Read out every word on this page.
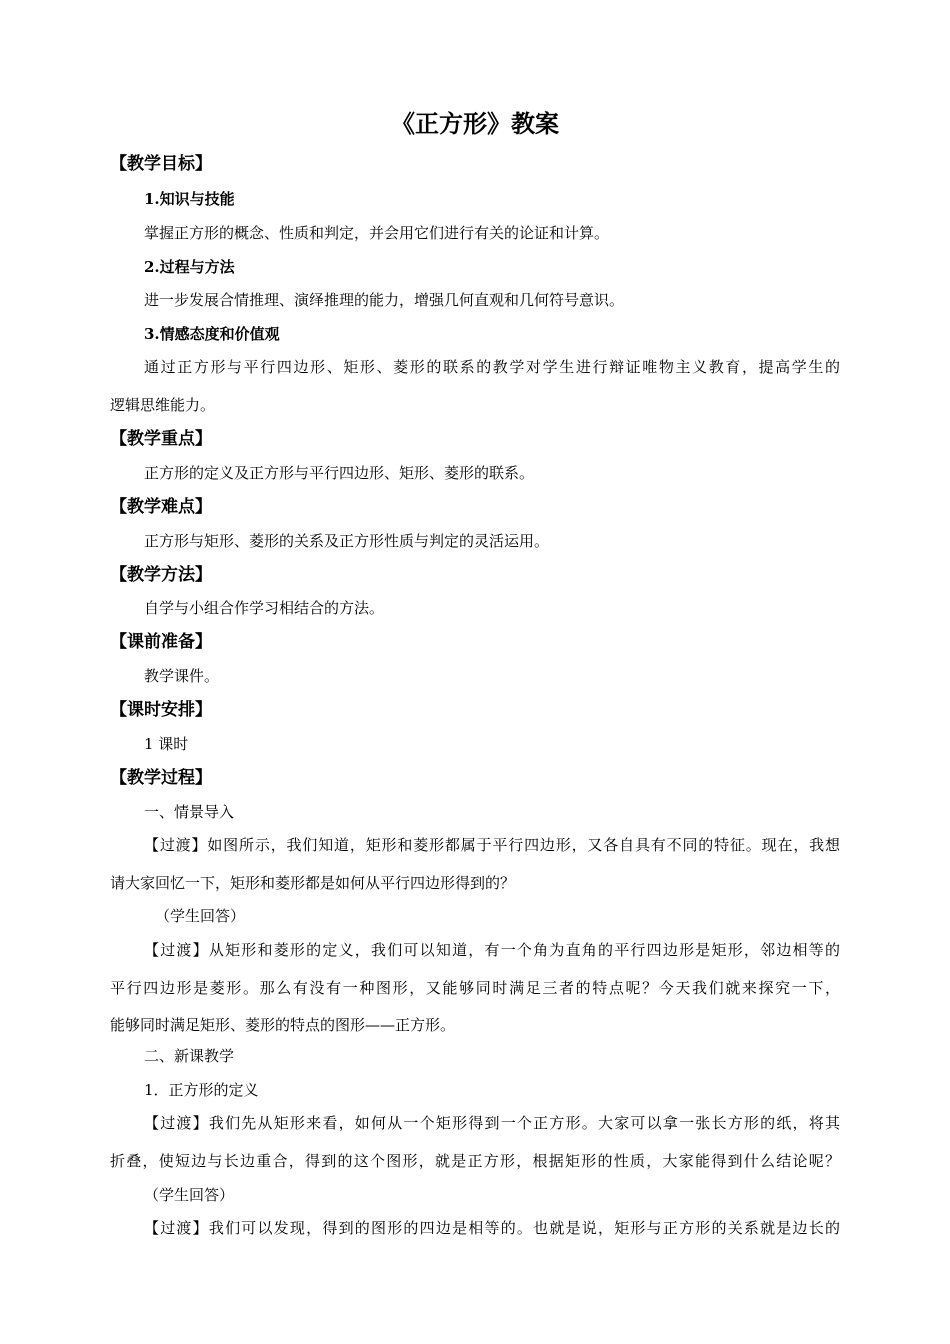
《正方形》教案
【教学目标】
1.知识与技能
掌握正方形的概念、性质和判定，并会用它们进行有关的论证和计算。
2.过程与方法
进一步发展合情推理、演绎推理的能力，增强几何直观和几何符号意识。
3.情感态度和价值观
通过正方形与平行四边形、矩形、菱形的联系的教学对学生进行辩证唯物主义教育，提高学生的
逻辑思维能力。
【教学重点】
正方形的定义及正方形与平行四边形、矩形、菱形的联系。
【教学难点】
正方形与矩形、菱形的关系及正方形性质与判定的灵活运用。
【教学方法】
自学与小组合作学习相结合的方法。
【课前准备】
教学课件。
【课时安排】
1 课时
【教学过程】
一、情景导入
【过渡】如图所示，我们知道，矩形和菱形都属于平行四边形，又各自具有不同的特征。现在，我想
请大家回忆一下，矩形和菱形都是如何从平行四边形得到的？
（学生回答）
【过渡】从矩形和菱形的定义，我们可以知道，有一个角为直角的平行四边形是矩形，邻边相等的
平行四边形是菱形。那么有没有一种图形，又能够同时满足三者的特点呢？今天我们就来探究一下，
能够同时满足矩形、菱形的特点的图形——正方形。
二、新课教学
1．正方形的定义
【过渡】我们先从矩形来看，如何从一个矩形得到一个正方形。大家可以拿一张长方形的纸，将其
折叠，使短边与长边重合，得到的这个图形，就是正方形，根据矩形的性质，大家能得到什么结论呢？
（学生回答）
【过渡】我们可以发现，得到的图形的四边是相等的。也就是说，矩形与正方形的关系就是边长的
